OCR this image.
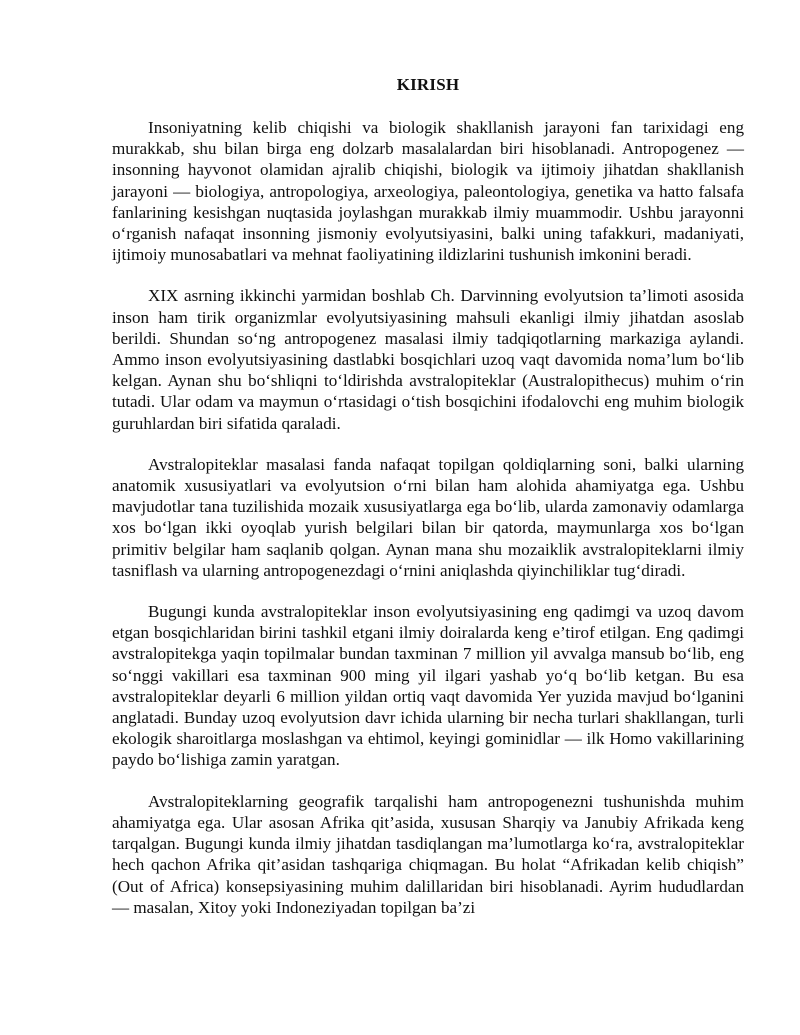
KIRISH

Insoniyatning kelib chiqishi va biologik shakllanish jarayoni fan tarixidagi eng murakkab, shu bilan birga eng dolzarb masalalardan biri hisoblanadi. Antropogenez — insonning hayvonot olamidan ajralib chiqishi, biologik va ijtimoiy jihatdan shakllanish jarayoni — biologiya, antropologiya, arxeologiya, paleontologiya, genetika va hatto falsafa fanlarining kesishgan nuqtasida joylashgan murakkab ilmiy muammodir. Ushbu jarayonni o‘rganish nafaqat insonning jismoniy evolyutsiyasini, balki uning tafakkuri, madaniyati, ijtimoiy munosabatlari va mehnat faoliyatining ildizlarini tushunish imkonini beradi.

XIX asrning ikkinchi yarmidan boshlab Ch. Darvinning evolyutsion ta’limoti asosida inson ham tirik organizmlar evolyutsiyasining mahsuli ekanligi ilmiy jihatdan asoslab berildi. Shundan so‘ng antropogenez masalasi ilmiy tadqiqotlarning markaziga aylandi. Ammo inson evolyutsiyasining dastlabki bosqichlari uzoq vaqt davomida noma’lum bo‘lib kelgan. Aynan shu bo‘shliqni to‘ldirishda avstralopiteklar (Australopithecus) muhim o‘rin tutadi. Ular odam va maymun o‘rtasidagi o‘tish bosqichini ifodalovchi eng muhim biologik guruhlardan biri sifatida qaraladi.

Avstralopiteklar masalasi fanda nafaqat topilgan qoldiqlarning soni, balki ularning anatomik xususiyatlari va evolyutsion o‘rni bilan ham alohida ahamiyatga ega. Ushbu mavjudotlar tana tuzilishida mozaik xususiyatlarga ega bo‘lib, ularda zamonaviy odamlarga xos bo‘lgan ikki oyoqlab yurish belgilari bilan bir qatorda, maymunlarga xos bo‘lgan primitiv belgilar ham saqlanib qolgan. Aynan mana shu mozaiklik avstralopiteklarni ilmiy tasniflash va ularning antropogenezdagi o‘rnini aniqlashda qiyinchiliklar tug‘diradi.

Bugungi kunda avstralopiteklar inson evolyutsiyasining eng qadimgi va uzoq davom etgan bosqichlaridan birini tashkil etgani ilmiy doiralarda keng e’tirof etilgan. Eng qadimgi avstralopitekga yaqin topilmalar bundan taxminan 7 million yil avvalga mansub bo‘lib, eng so‘nggi vakillari esa taxminan 900 ming yil ilgari yashab yo‘q bo‘lib ketgan. Bu esa avstralopiteklar deyarli 6 million yildan ortiq vaqt davomida Yer yuzida mavjud bo‘lganini anglatadi. Bunday uzoq evolyutsion davr ichida ularning bir necha turlari shakllangan, turli ekologik sharoitlarga moslashgan va ehtimol, keyingi gominidlar — ilk Homo vakillarining paydo bo‘lishiga zamin yaratgan.

Avstralopiteklarning geografik tarqalishi ham antropogenezni tushunishda muhim ahamiyatga ega. Ular asosan Afrika qit’asida, xususan Sharqiy va Janubiy Afrikada keng tarqalgan. Bugungi kunda ilmiy jihatdan tasdiqlangan ma’lumotlarga ko‘ra, avstralopiteklar hech qachon Afrika qit’asidan tashqariga chiqmagan. Bu holat “Afrikadan kelib chiqish” (Out of Africa) konsepsiyasining muhim dalillaridan biri hisoblanadi. Ayrim hududlardan — masalan, Xitoy yoki Indoneziyadan topilgan ba’zi
